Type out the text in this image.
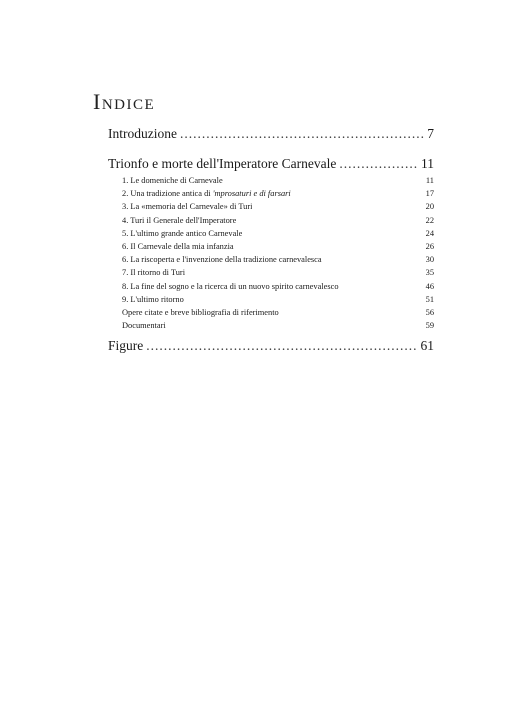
Indice
Introduzione .....	7
Trionfo e morte dell'Imperatore Carnevale .....	11
1. Le domeniche di Carnevale	11
2. Una tradizione antica di 'mprosaturi e di farsari	17
3. La «memoria del Carnevale» di Turi	20
4. Turi il Generale dell'Imperatore	22
5. L'ultimo grande antico Carnevale	24
6. Il Carnevale della mia infanzia	26
6. La riscoperta e l'invenzione della tradizione carnevalesca	30
7. Il ritorno di Turi	35
8. La fine del sogno e la ricerca di un nuovo spirito carnevalesco	46
9. L'ultimo ritorno	51
Opere citate e breve bibliografia di riferimento	56
Documentari	59
Figure .....	61
